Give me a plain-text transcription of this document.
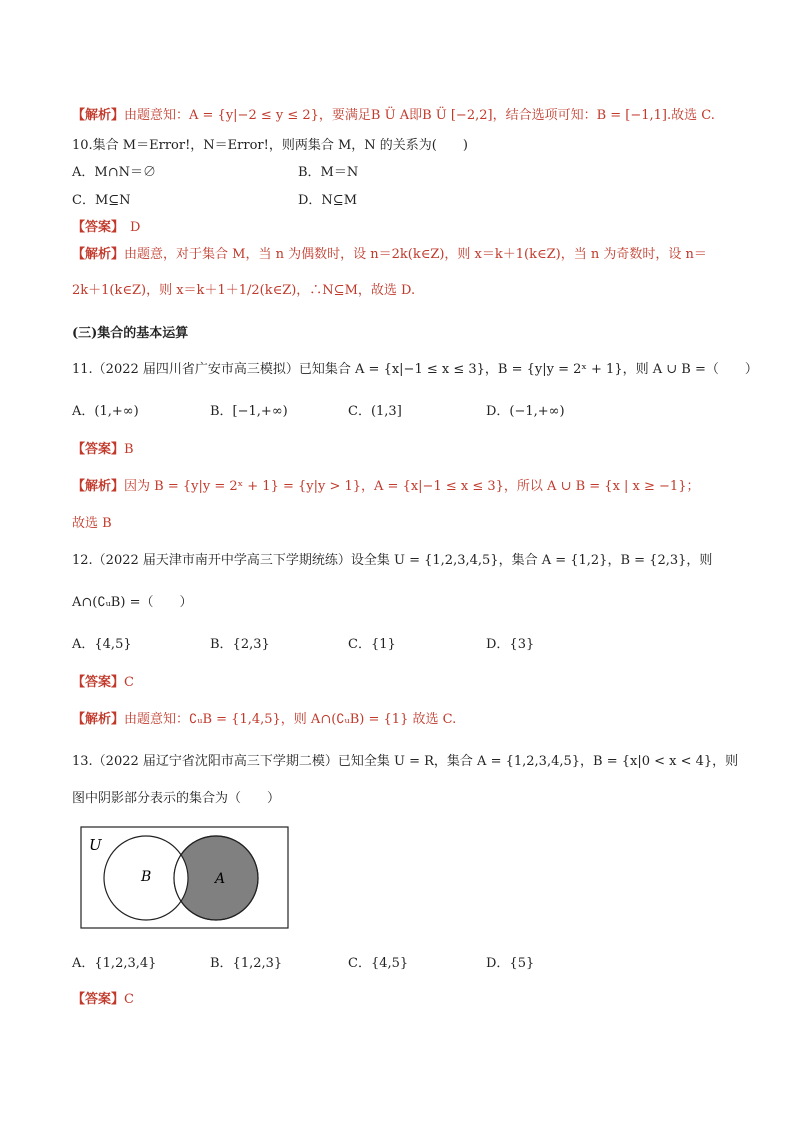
【解析】由题意知：A = {y|−2 ≤ y ≤ 2}，要满足B Ü A即B Ü [−2,2]，结合选项可知：B = [−1,1].故选 C.
10.集合 M＝Error!，N＝Error!，则两集合 M，N 的关系为(　　)
A．M∩N＝∅	B．M＝N
C．M⊆N	D．N⊆M
【答案】 D
【解析】由题意，对于集合 M，当 n 为偶数时，设 n＝2k(k∈Z)，则 x＝k＋1(k∈Z)，当 n 为奇数时，设 n＝
2k＋1(k∈Z)，则 x＝k＋1＋1/2(k∈Z)，∴N⊆M，故选 D.
(三)集合的基本运算
11.（2022 届四川省广安市高三模拟）已知集合 A = {x|−1 ≤ x ≤ 3}，B = {y|y = 2ˣ + 1}，则 A ∪ B =（　　）
A．(1,+∞)	B．[−1,+∞)	C．(1,3]	D．(−1,+∞)
【答案】B
【解析】因为 B = {y|y = 2ˣ + 1} = {y|y > 1}，A = {x|−1 ≤ x ≤ 3}，所以 A ∪ B = {x | x ≥ −1}；
故选 B
12.（2022 届天津市南开中学高三下学期统练）设全集 U = {1,2,3,4,5}，集合 A = {1,2}，B = {2,3}，则
A∩(∁ᵤB) =（　　）
A．{4,5}	B．{2,3}	C．{1}	D．{3}
【答案】C
【解析】由题意知：∁ᵤB = {1,4,5}，则 A∩(∁ᵤB) = {1} 故选 C.
13.（2022 届辽宁省沈阳市高三下学期二模）已知全集 U = R，集合 A = {1,2,3,4,5}，B = {x|0 < x < 4}，则
图中阴影部分表示的集合为（　　）
U
B	A
A．{1,2,3,4}	B．{1,2,3}	C．{4,5}	D．{5}
【答案】C
